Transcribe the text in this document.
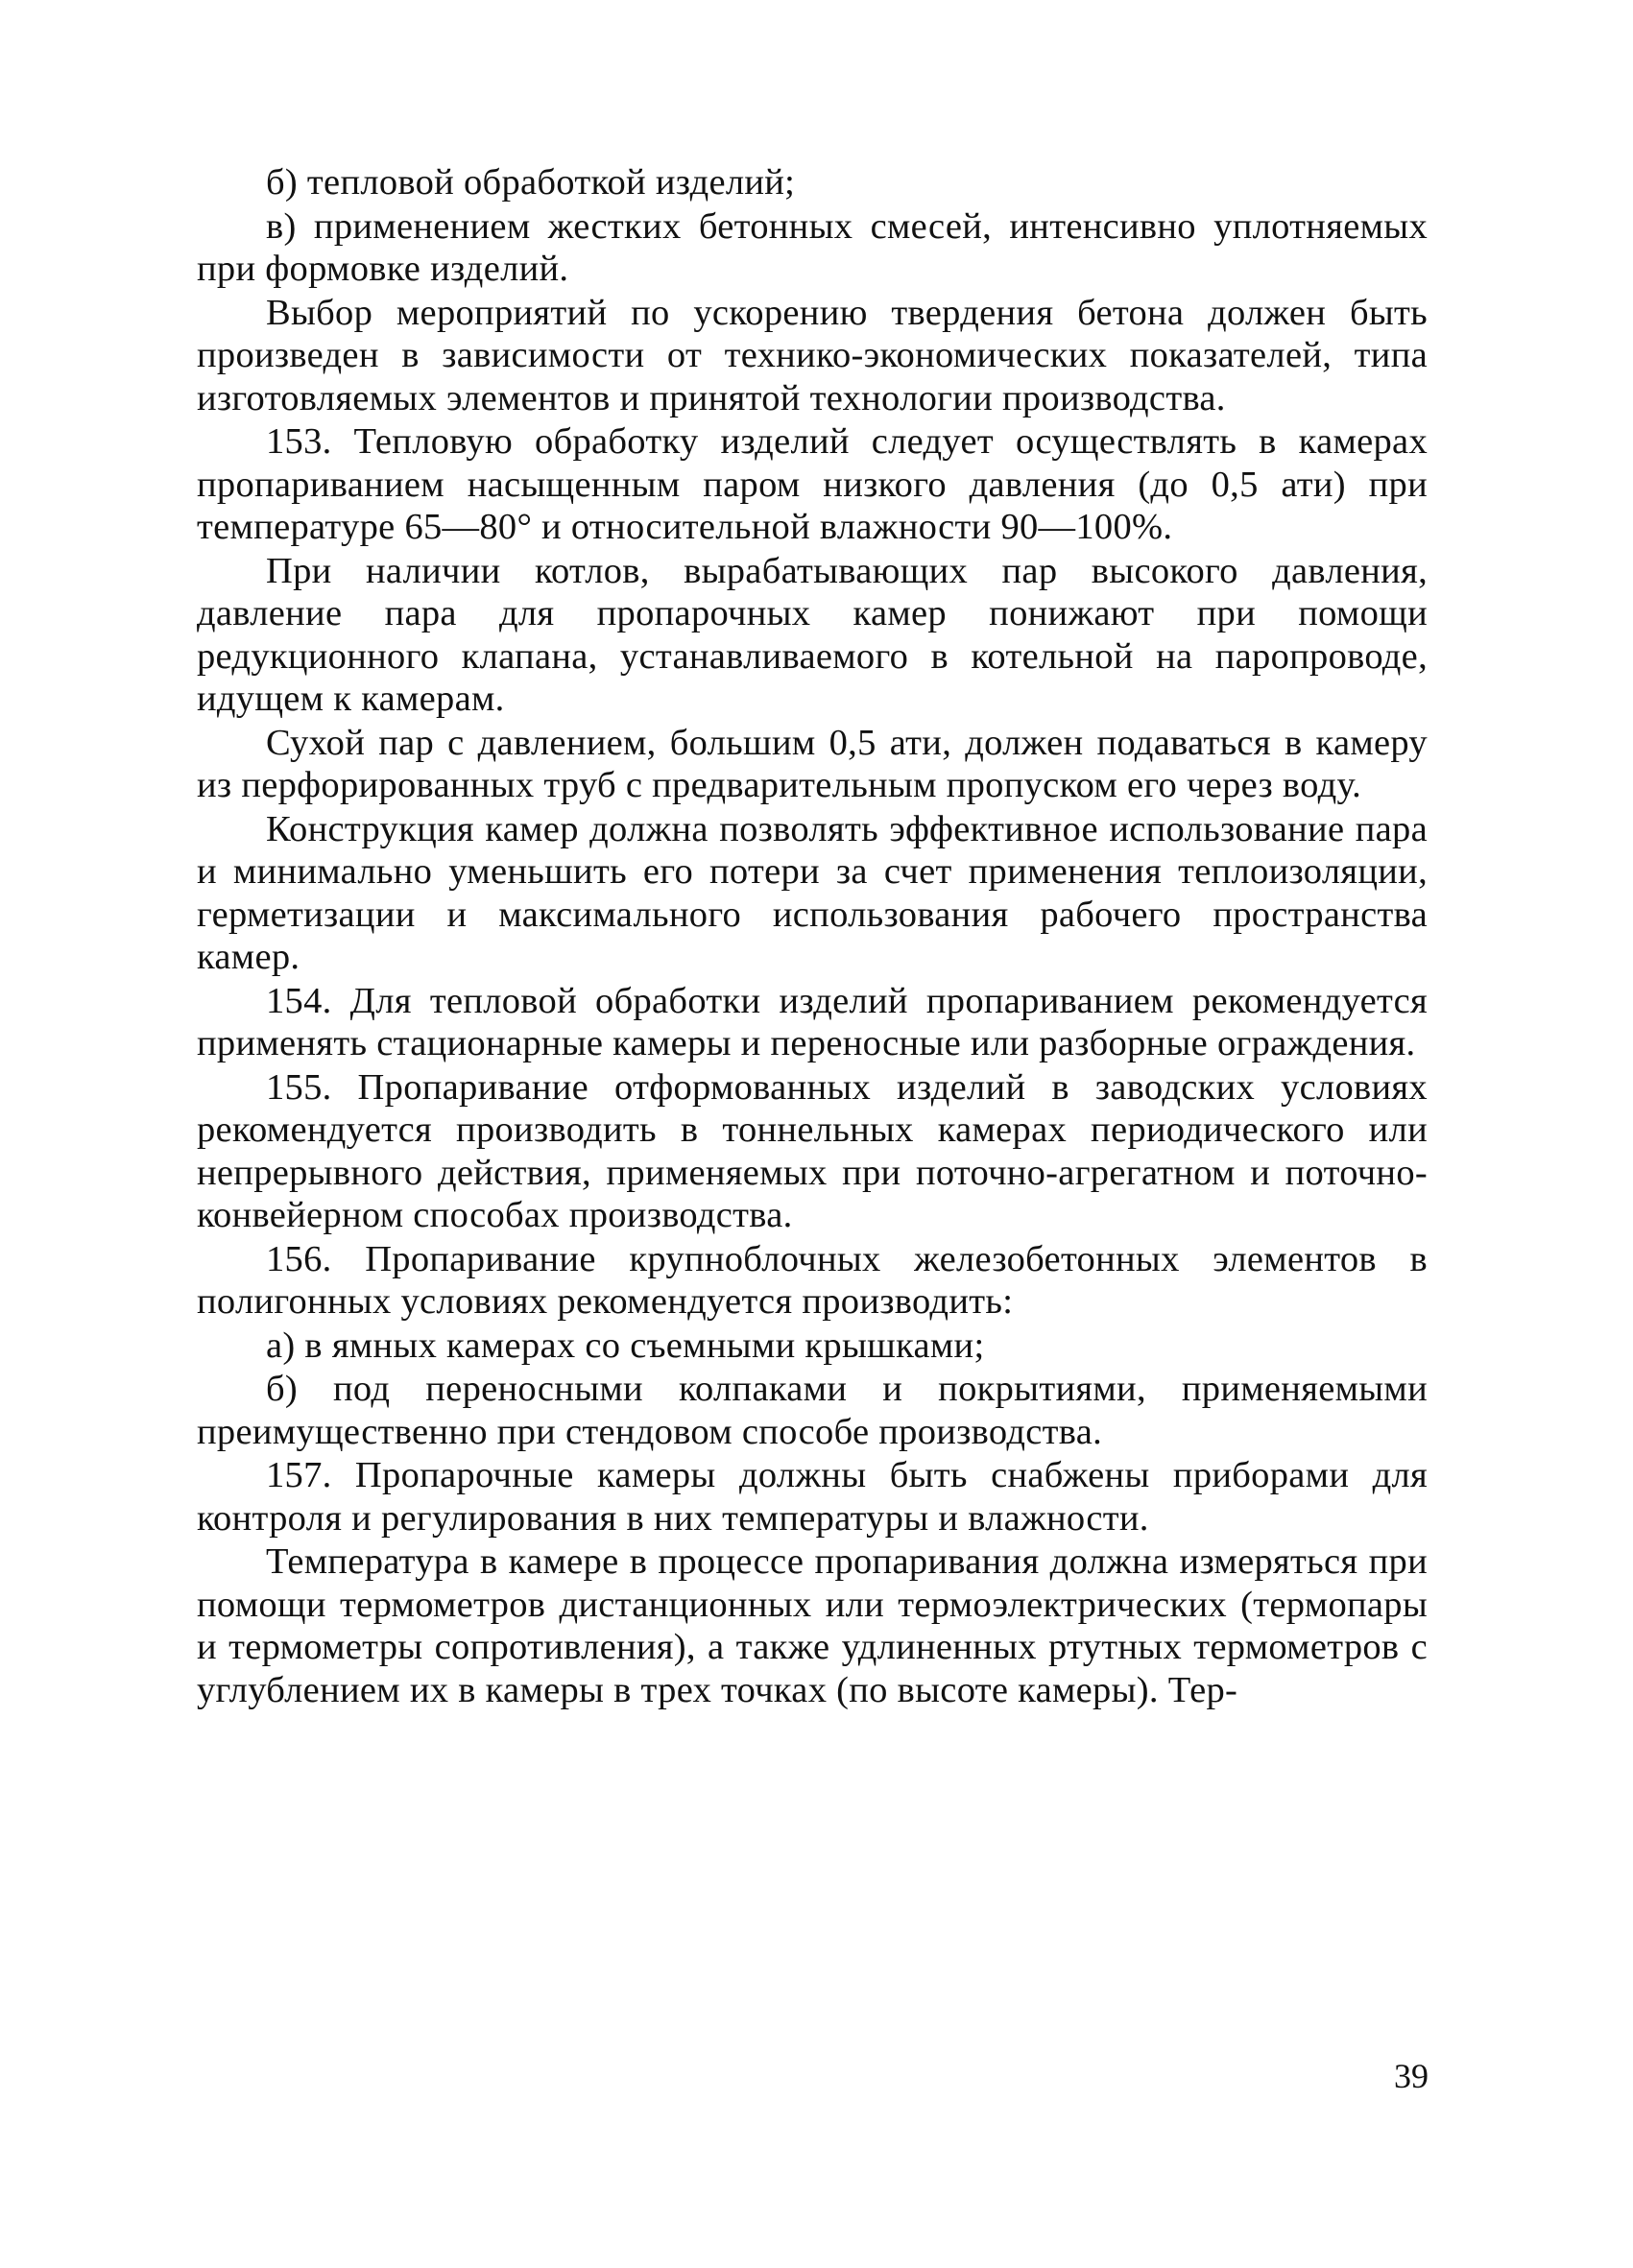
б) тепловой обработкой изделий;

в) применением жестких бетонных смесей, интенсивно уплотняемых при формовке изделий.

Выбор мероприятий по ускорению твердения бетона должен быть произведен в зависимости от технико-экономических показателей, типа изготовляемых элементов и принятой технологии производства.

153. Тепловую обработку изделий следует осуществлять в камерах пропариванием насыщенным паром низкого давления (до 0,5 ати) при температуре 65—80° и относительной влажности 90—100%.

При наличии котлов, вырабатывающих пар высокого давления, давление пара для пропарочных камер понижают при помощи редукционного клапана, устанавливаемого в котельной на паропроводе, идущем к камерам.

Сухой пар с давлением, большим 0,5 ати, должен подаваться в камеру из перфорированных труб с предварительным пропуском его через воду.

Конструкция камер должна позволять эффективное использование пара и минимально уменьшить его потери за счет применения теплоизоляции, герметизации и максимального использования рабочего пространства камер.

154. Для тепловой обработки изделий пропариванием рекомендуется применять стационарные камеры и переносные или разборные ограждения.

155. Пропаривание отформованных изделий в заводских условиях рекомендуется производить в тоннельных камерах периодического или непрерывного действия, применяемых при поточно-агрегатном и поточно-конвейерном способах производства.

156. Пропаривание крупноблочных железобетонных элементов в полигонных условиях рекомендуется производить:

а) в ямных камерах со съемными крышками;

б) под переносными колпаками и покрытиями, применяемыми преимущественно при стендовом способе производства.

157. Пропарочные камеры должны быть снабжены приборами для контроля и регулирования в них температуры и влажности.

Температура в камере в процессе пропаривания должна измеряться при помощи термометров дистанционных или термоэлектрических (термопары и термометры сопротивления), а также удлиненных ртутных термометров с углублением их в камеры в трех точках (по высоте камеры). Тер-

39
